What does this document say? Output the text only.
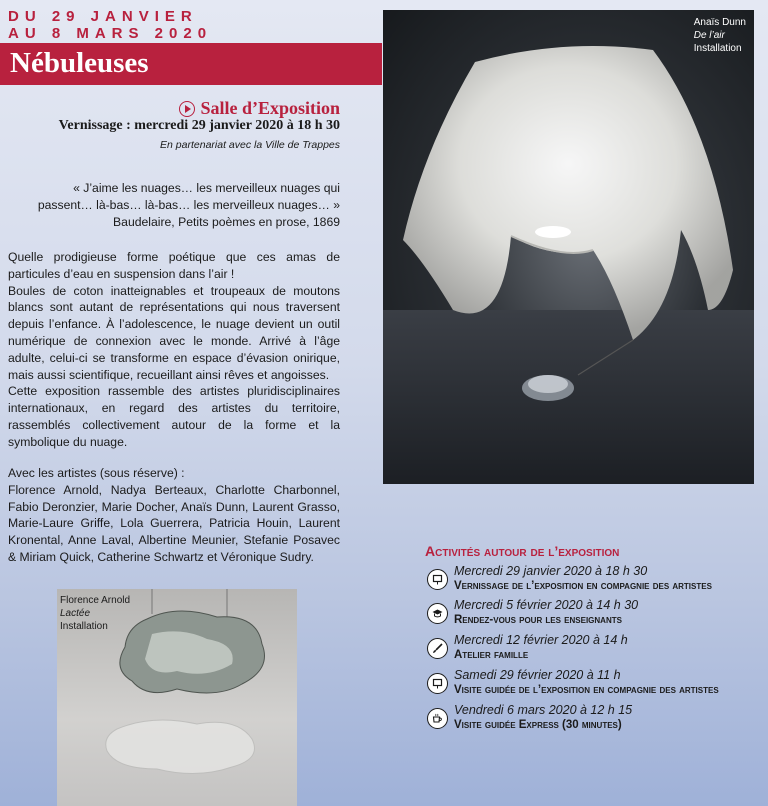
DU 29 JANVIER
AU 8 MARS 2020
Nébuleuses
Salle d’Exposition
Vernissage : mercredi 29 janvier 2020 à 18 h 30
En partenariat avec la Ville de Trappes
« J’aime les nuages… les merveilleux nuages qui
passent… là-bas… là-bas… les merveilleux nuages… »
Baudelaire, Petits poèmes en prose, 1869

Quelle prodigieuse forme poétique que ces amas de particules d’eau en suspension dans l’air !

Boules de coton inatteignables et troupeaux de moutons blancs sont autant de représentations qui nous traversent depuis l’enfance. À l’adolescence, le nuage devient un outil numérique de connexion avec le monde. Arrivé à l’âge adulte, celui-ci se transforme en espace d’évasion onirique, mais aussi scientifique, recueillant ainsi rêves et angoisses.

Cette exposition rassemble des artistes pluridisciplinaires internationaux, en regard des artistes du territoire, rassemblés collectivement autour de la forme et la symbolique du nuage.

Avec les artistes (sous réserve) :

Florence Arnold, Nadya Berteaux, Charlotte Charbonnel, Fabio Deronzier, Marie Docher, Anaïs Dunn, Laurent Grasso, Marie-Laure Griffe, Lola Guerrera, Patricia Houin, Laurent Kronental, Anne Laval, Albertine Meunier, Stefanie Posavec & Miriam Quick, Catherine Schwartz et Véronique Sudry.

Anaïs Dunn
De l’air
Installation
Florence Arnold
Lactée
Installation
Activités autour de l’exposition
Mercredi 29 janvier 2020 à 18 h 30
Vernissage de l’exposition en compagnie des artistes
Mercredi 5 février 2020 à 14 h 30
Rendez-vous pour les enseignants
Mercredi 12 février 2020 à 14 h
Atelier famille
Samedi 29 février 2020 à 11 h
Visite guidée de l’exposition en compagnie des artistes
Vendredi 6 mars 2020 à 12 h 15
Visite guidée Express (30 minutes)
